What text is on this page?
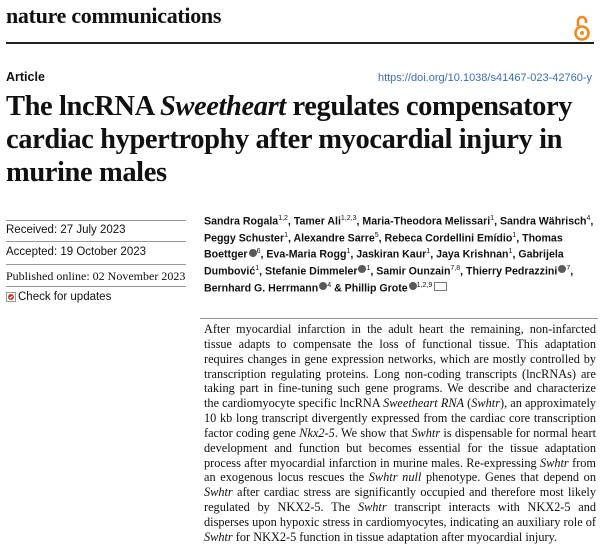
nature communications
Article	https://doi.org/10.1038/s41467-023-42760-y
The lncRNA Sweetheart regulates compensatory cardiac hypertrophy after myocardial injury in murine males
Received: 27 July 2023
Accepted: 19 October 2023
Published online: 02 November 2023
Check for updates
Sandra Rogala$^{1,2}$, Tamer Ali$^{1,2,3}$, Maria-Theodora Melissari$^1$, Sandra Währisch$^4$, Peggy Schuster$^1$, Alexandre Sarre$^5$, Rebeca Cordellini Emídio$^1$, Thomas Boettger $^6$, Eva-Maria Rogg$^1$, Jaskiran Kaur$^1$, Jaya Krishnan$^1$, Gabrijela Dumbović$^1$, Stefanie Dimmeler $^1$, Samir Ounzain$^{7,8}$, Thierry Pedrazzini $^7$, Bernhard G. Herrmann $^4$ & Phillip Grote $^{1,2,9}$
After myocardial infarction in the adult heart the remaining, non-infarcted tissue adapts to compensate the loss of functional tissue. This adaptation requires changes in gene expression networks, which are mostly controlled by transcription regulating proteins. Long non-coding transcripts (lncRNAs) are taking part in fine-tuning such gene programs. We describe and characterize the cardiomyocyte specific lncRNA Sweetheart RNA (Swhtr), an approximately 10 kb long transcript divergently expressed from the cardiac core transcription factor coding gene Nkx2-5. We show that Swhtr is dispensable for normal heart development and function but becomes essential for the tissue adaptation process after myocardial infarction in murine males. Re-expressing Swhtr from an exogenous locus rescues the Swhtr null phenotype. Genes that depend on Swhtr after cardiac stress are significantly occupied and therefore most likely regulated by NKX2-5. The Swhtr transcript interacts with NKX2-5 and disperses upon hypoxic stress in cardiomyocytes, indicating an auxiliary role of Swhtr for NKX2-5 function in tissue adaptation after myocardial injury.
